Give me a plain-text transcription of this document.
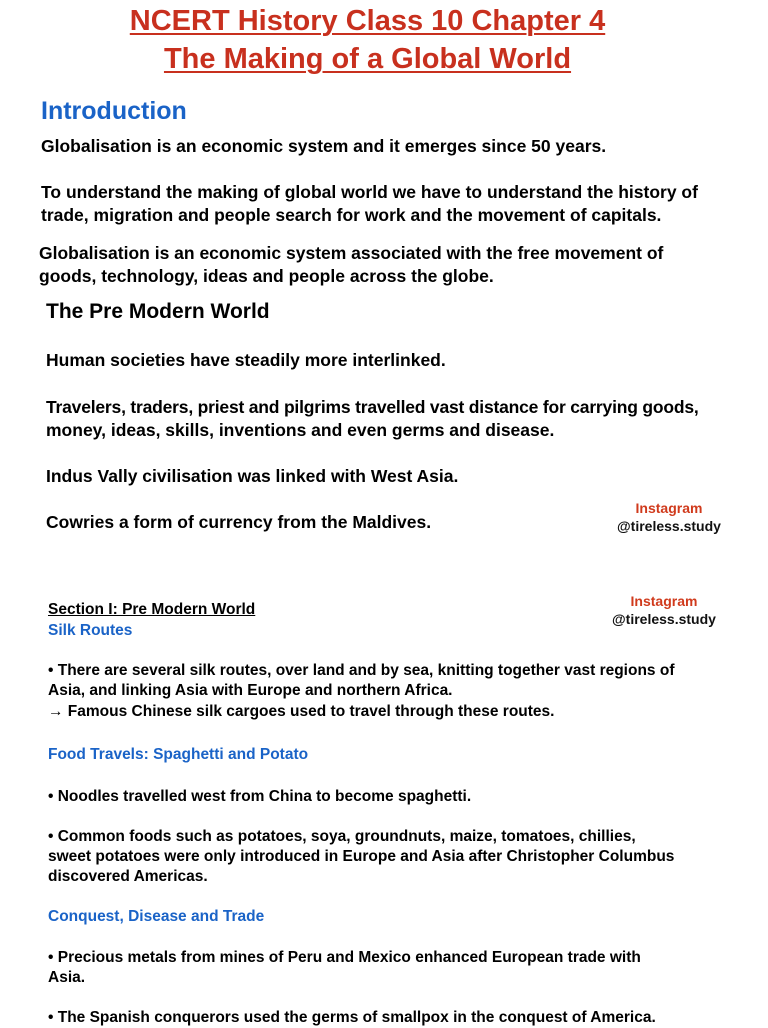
NCERT History Class 10 Chapter 4
The Making of a Global World
Introduction
Globalisation is an economic system and it emerges since 50 years.
To understand the making of global world we have to understand the history of
trade, migration and people search for work and the movement of capitals.
Globalisation is an economic system associated with the free movement of
goods, technology, ideas and people across the globe.
The Pre Modern World
Human societies have steadily more interlinked.
Travelers, traders, priest and pilgrims travelled vast distance for carrying goods,
money, ideas, skills, inventions and even germs and disease.
Indus Vally civilisation was linked with West Asia.
Cowries a form of currency from the Maldives.
Instagram
@tireless.study
Instagram
@tireless.study
Section I: Pre Modern World
Silk Routes
• There are several silk routes, over land and by sea, knitting together vast regions of
Asia, and linking Asia with Europe and northern Africa.
→ Famous Chinese silk cargoes used to travel through these routes.
Food Travels: Spaghetti and Potato
• Noodles travelled west from China to become spaghetti.
• Common foods such as potatoes, soya, groundnuts, maize, tomatoes, chillies,
sweet potatoes were only introduced in Europe and Asia after Christopher Columbus
discovered Americas.
Conquest, Disease and Trade
• Precious metals from mines of Peru and Mexico enhanced European trade with
Asia.
• The Spanish conquerors used the germs of smallpox in the conquest of America.
